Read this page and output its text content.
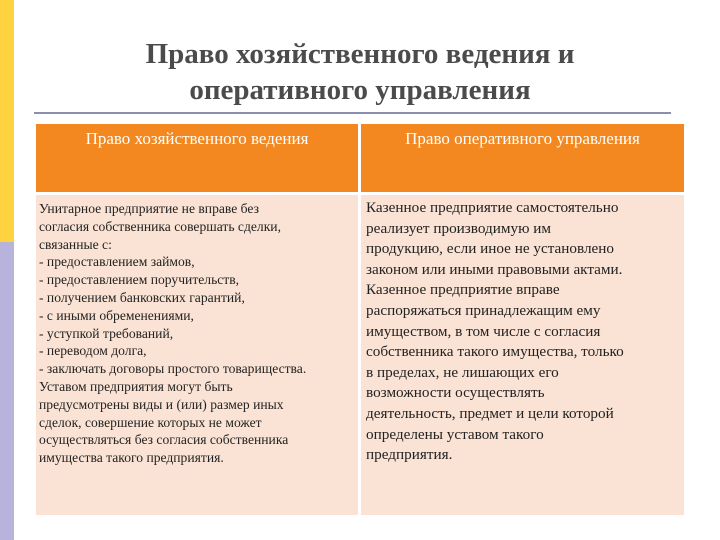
Право хозяйственного ведения и
оперативного управления
Право хозяйственного ведения	Право оперативного управления
Унитарное предприятие не вправе без
согласия собственника совершать сделки,
связанные с:
- предоставлением займов,
- предоставлением поручительств,
- получением банковских гарантий,
- с иными обременениями,
- уступкой требований,
- переводом долга,
- заключать договоры простого товарищества.
Уставом предприятия могут быть
предусмотрены виды и (или) размер иных
сделок, совершение которых не может
осуществляться без согласия собственника
имущества такого предприятия.
Казенное предприятие самостоятельно
реализует производимую им
продукцию, если иное не установлено
законом или иными правовыми актами.
Казенное предприятие вправе
распоряжаться принадлежащим ему
имуществом, в том числе с согласия
собственника такого имущества, только
в пределах, не лишающих его
возможности осуществлять
деятельность, предмет и цели которой
определены уставом такого
предприятия.
